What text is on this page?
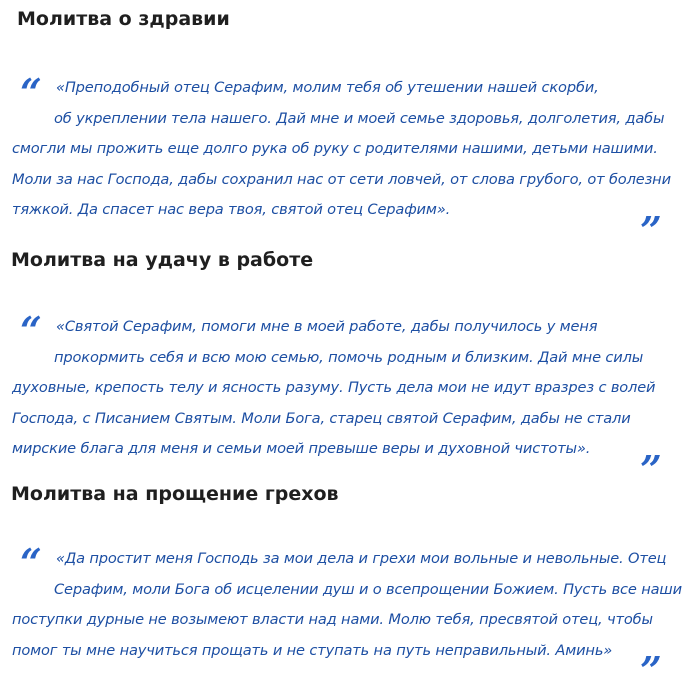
Молитва о здравии
“	«Преподобный отец Серафим, молим тебя об утешении нашей скорби,
об укреплении тела нашего. Дай мне и моей семье здоровья, долголетия, дабы
смогли мы прожить еще долго рука об руку с родителями нашими, детьми нашими.
Моли за нас Господа, дабы сохранил нас от сети ловчей, от слова грубого, от болезни
тяжкой. Да спасет нас вера твоя, святой отец Серафим».	”
Молитва на удачу в работе
“	«Святой Серафим, помоги мне в моей работе, дабы получилось у меня
прокормить себя и всю мою семью, помочь родным и близким. Дай мне силы
духовные, крепость телу и ясность разуму. Пусть дела мои не идут вразрез с волей
Господа, с Писанием Святым. Моли Бога, старец святой Серафим, дабы не стали
мирские блага для меня и семьи моей превыше веры и духовной чистоты».	”
Молитва на прощение грехов
“	«Да простит меня Господь за мои дела и грехи мои вольные и невольные. Отец
Серафим, моли Бога об исцелении душ и о всепрощении Божием. Пусть все наши
поступки дурные не возымеют власти над нами. Молю тебя, пресвятой отец, чтобы
помог ты мне научиться прощать и не ступать на путь неправильный. Аминь» ”
